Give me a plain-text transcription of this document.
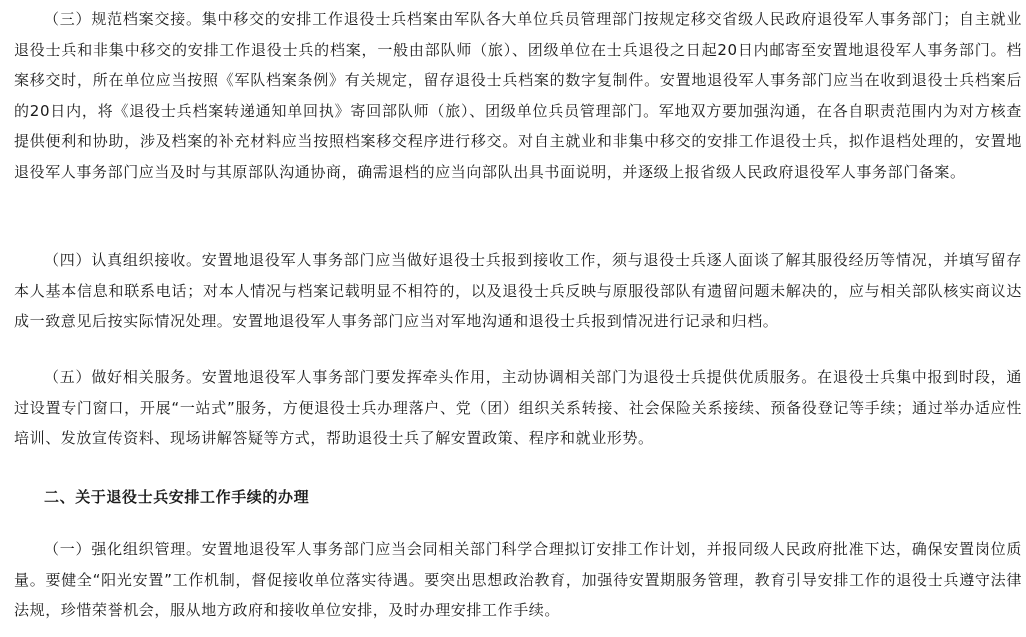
（三）规范档案交接。集中移交的安排工作退役士兵档案由军队各大单位兵员管理部门按规定移交省级人民政府退役军人事务部门；自主就业退役士兵和非集中移交的安排工作退役士兵的档案，一般由部队师（旅）、团级单位在士兵退役之日起20日内邮寄至安置地退役军人事务部门。档案移交时，所在单位应当按照《军队档案条例》有关规定，留存退役士兵档案的数字复制件。安置地退役军人事务部门应当在收到退役士兵档案后的20日内，将《退役士兵档案转递通知单回执》寄回部队师（旅）、团级单位兵员管理部门。军地双方要加强沟通，在各自职责范围内为对方核查提供便利和协助，涉及档案的补充材料应当按照档案移交程序进行移交。对自主就业和非集中移交的安排工作退役士兵，拟作退档处理的，安置地退役军人事务部门应当及时与其原部队沟通协商，确需退档的应当向部队出具书面说明，并逐级上报省级人民政府退役军人事务部门备案。

（四）认真组织接收。安置地退役军人事务部门应当做好退役士兵报到接收工作，须与退役士兵逐人面谈了解其服役经历等情况，并填写留存本人基本信息和联系电话；对本人情况与档案记载明显不相符的，以及退役士兵反映与原服役部队有遗留问题未解决的，应与相关部队核实商议达成一致意见后按实际情况处理。安置地退役军人事务部门应当对军地沟通和退役士兵报到情况进行记录和归档。

（五）做好相关服务。安置地退役军人事务部门要发挥牵头作用，主动协调相关部门为退役士兵提供优质服务。在退役士兵集中报到时段，通过设置专门窗口，开展“一站式”服务，方便退役士兵办理落户、党（团）组织关系转接、社会保险关系接续、预备役登记等手续；通过举办适应性培训、发放宣传资料、现场讲解答疑等方式，帮助退役士兵了解安置政策、程序和就业形势。

二、关于退役士兵安排工作手续的办理

（一）强化组织管理。安置地退役军人事务部门应当会同相关部门科学合理拟订安排工作计划，并报同级人民政府批准下达，确保安置岗位质量。要健全“阳光安置”工作机制，督促接收单位落实待遇。要突出思想政治教育，加强待安置期服务管理，教育引导安排工作的退役士兵遵守法律法规，珍惜荣誉机会，服从地方政府和接收单位安排，及时办理安排工作手续。
